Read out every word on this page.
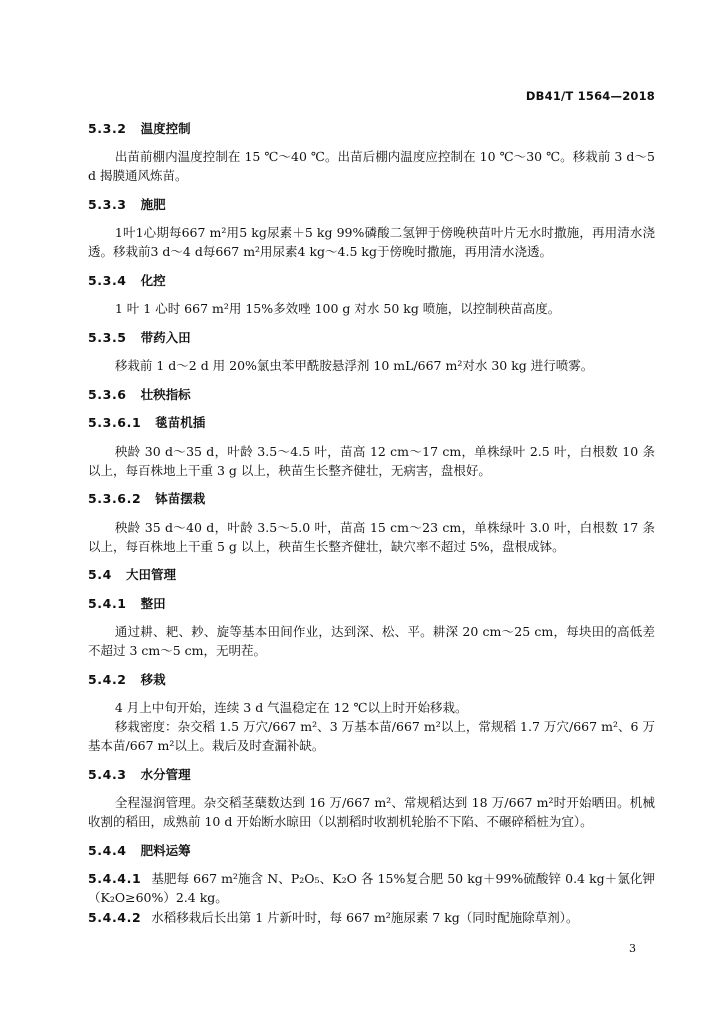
DB41/T 1564—2018
5.3.2 温度控制

出苗前棚内温度控制在 15 ℃～40 ℃。出苗后棚内温度应控制在 10 ℃～30 ℃。移栽前 3 d～5 d 揭膜通风炼苗。

5.3.3 施肥

1叶1心期每667 m²用5 kg尿素＋5 kg 99%磷酸二氢钾于傍晚秧苗叶片无水时撒施，再用清水浇透。移栽前3 d～4 d每667 m²用尿素4 kg～4.5 kg于傍晚时撒施，再用清水浇透。

5.3.4 化控

1 叶 1 心时 667 m²用 15%多效唑 100 g 对水 50 kg 喷施，以控制秧苗高度。

5.3.5 带药入田

移栽前 1 d～2 d 用 20%氯虫苯甲酰胺悬浮剂 10 mL/667 m²对水 30 kg 进行喷雾。

5.3.6 壮秧指标
5.3.6.1 毯苗机插

秧龄 30 d～35 d，叶龄 3.5～4.5 叶，苗高 12 cm～17 cm，单株绿叶 2.5 叶，白根数 10 条以上，每百株地上干重 3 g 以上，秧苗生长整齐健壮，无病害，盘根好。

5.3.6.2 钵苗摆栽

秧龄 35 d～40 d，叶龄 3.5～5.0 叶，苗高 15 cm～23 cm，单株绿叶 3.0 叶，白根数 17 条以上，每百株地上干重 5 g 以上，秧苗生长整齐健壮，缺穴率不超过 5%，盘根成钵。

5.4 大田管理
5.4.1 整田

通过耕、耙、耖、旋等基本田间作业，达到深、松、平。耕深 20 cm～25 cm，每块田的高低差不超过 3 cm～5 cm，无明茬。

5.4.2 移栽

4 月上中旬开始，连续 3 d 气温稳定在 12 ℃以上时开始移栽。

移栽密度：杂交稻 1.5 万穴/667 m²、3 万基本苗/667 m²以上，常规稻 1.7 万穴/667 m²、6 万基本苗/667 m²以上。栽后及时查漏补缺。

5.4.3 水分管理

全程湿润管理。杂交稻茎蘖数达到 16 万/667 m²、常规稻达到 18 万/667 m²时开始晒田。机械收割的稻田，成熟前 10 d 开始断水晾田（以割稻时收割机轮胎不下陷、不碾碎稻桩为宜）。

5.4.4 肥料运筹

5.4.4.1 基肥每 667 m²施含 N、P₂O₅、K₂O 各 15%复合肥 50 kg＋99%硫酸锌 0.4 kg＋氯化钾（K₂O≥60%）2.4 kg。

5.4.4.2 水稻移栽后长出第 1 片新叶时，每 667 m²施尿素 7 kg（同时配施除草剂）。

3
